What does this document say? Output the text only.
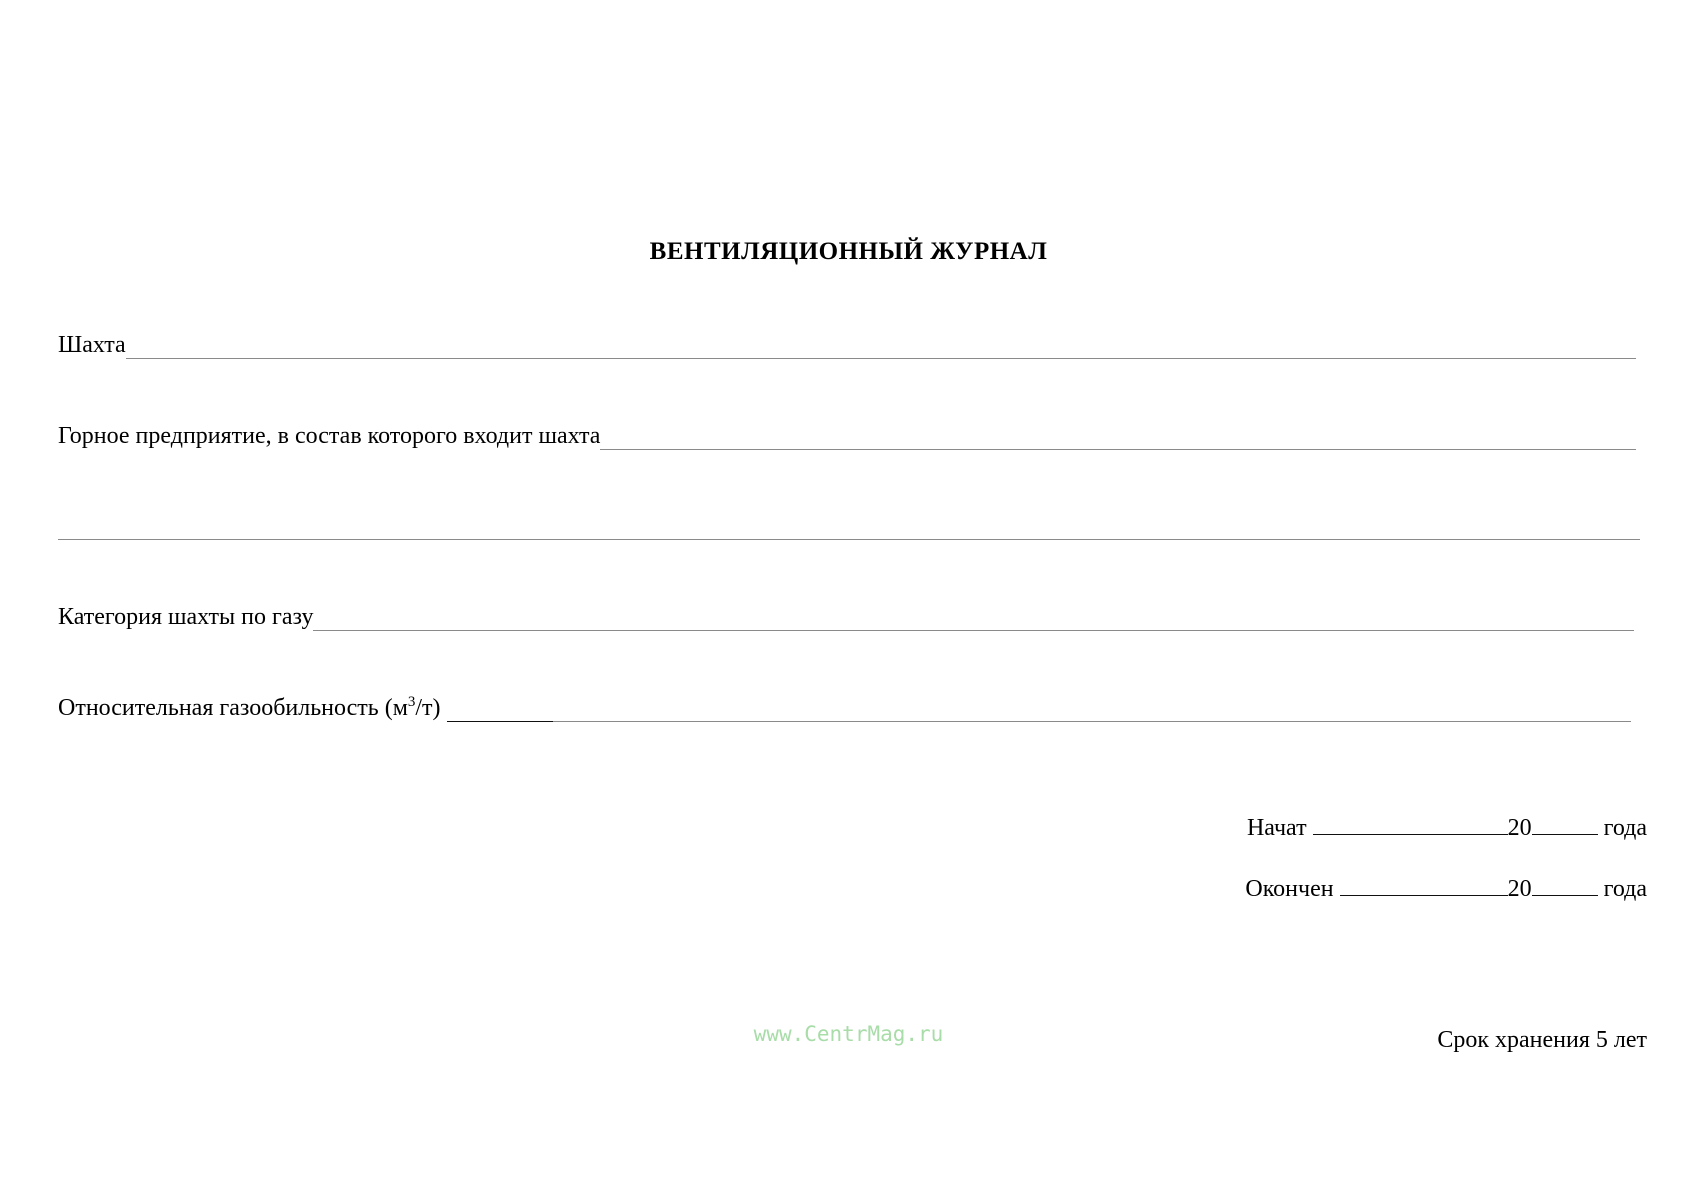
ВЕНТИЛЯЦИОННЫЙ ЖУРНАЛ
Шахта
Горное предприятие, в состав которого входит шахта
Категория шахты по газу
Относительная газообильность $(м^3/т)$
Начат	20	года
Окончен	20	года
www.CentrMag.ru	Срок хранения 5 лет
